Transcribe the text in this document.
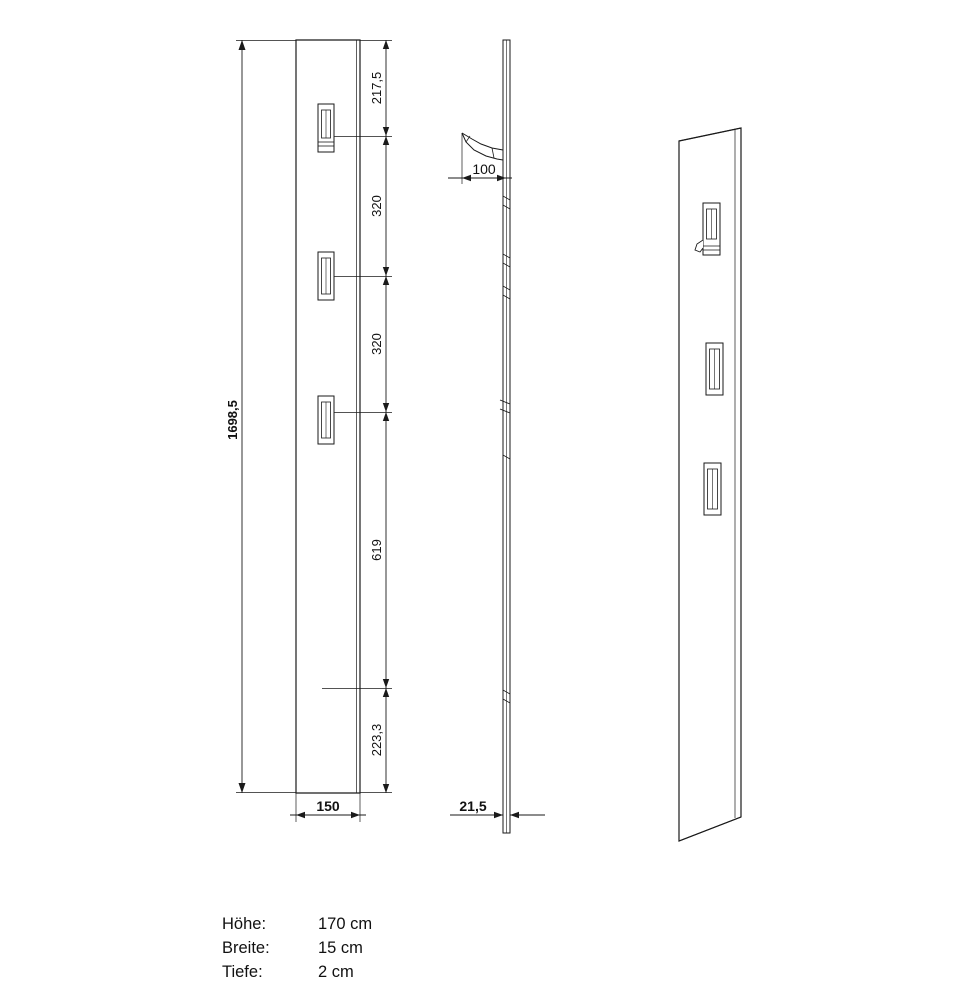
1698,5
217,5
320
320
619
223,3
150
100
21,5
Höhe:	170 cm
Breite:	15 cm
Tiefe:	2 cm
